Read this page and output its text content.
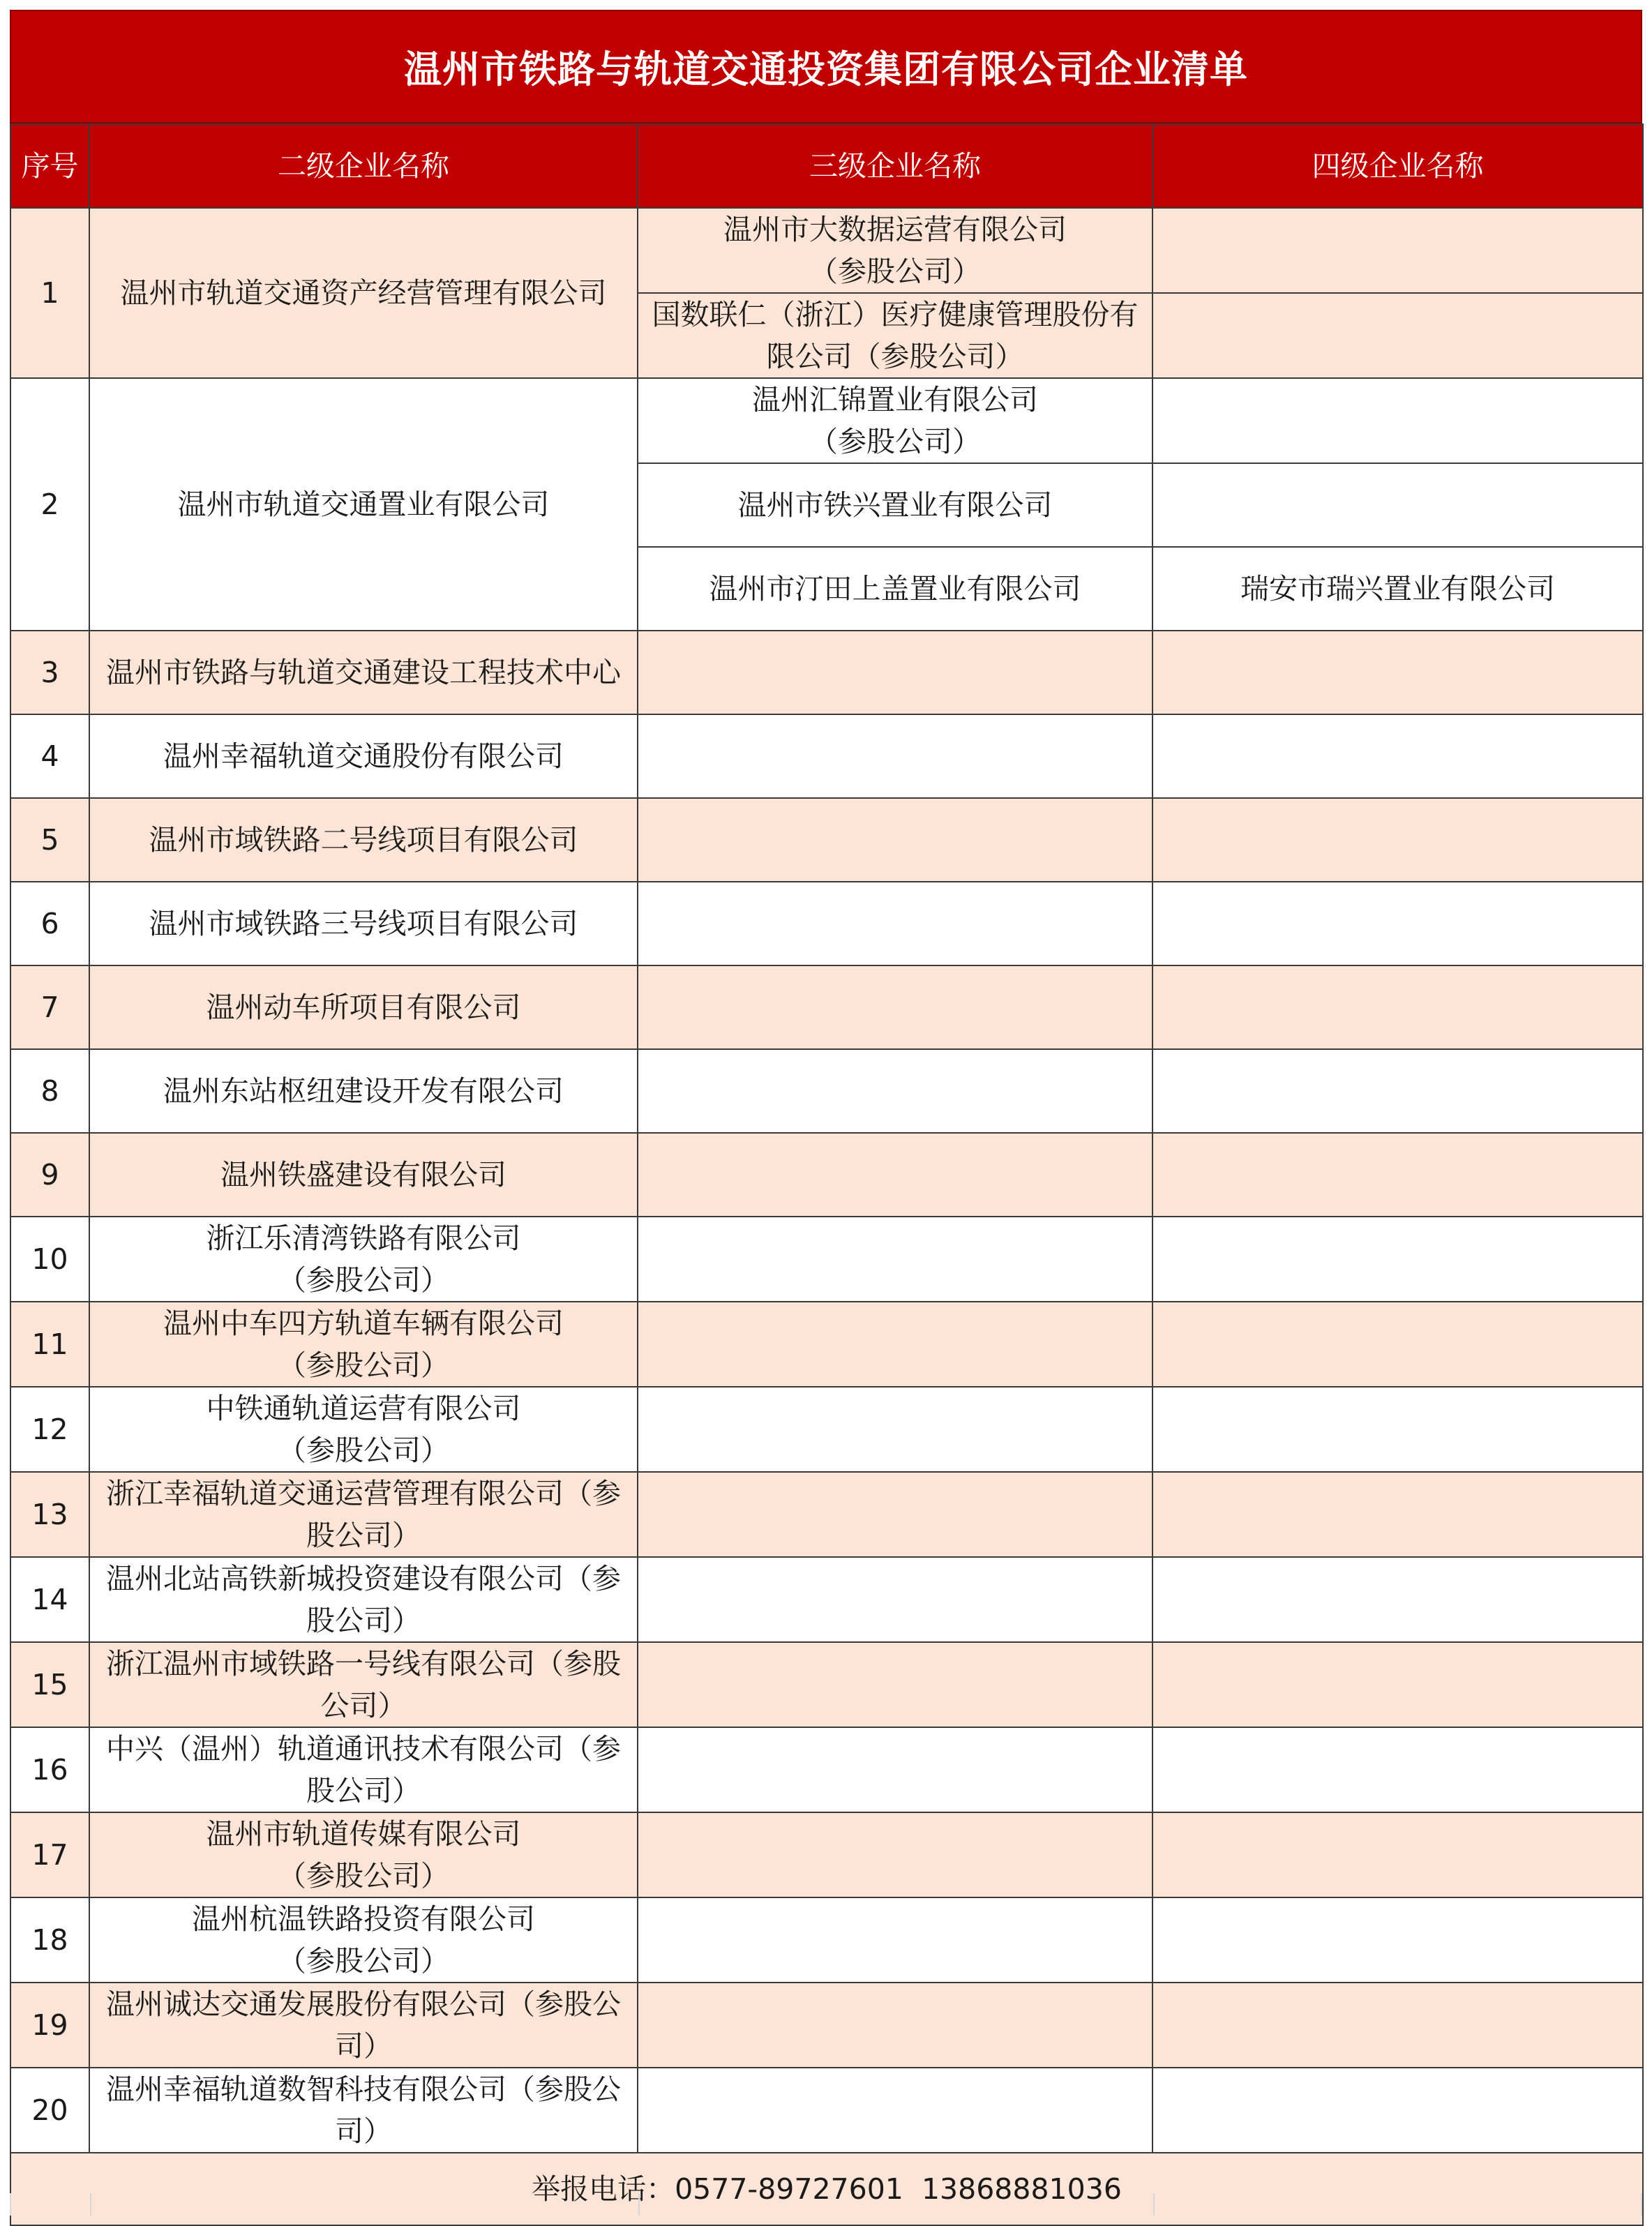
温州市铁路与轨道交通投资集团有限公司企业清单
序号	二级企业名称	三级企业名称	四级企业名称
1	温州市轨道交通资产经营管理有限公司	温州市大数据运营有限公司
（参股公司）	
		国数联仁（浙江）医疗健康管理股份有限公司（参股公司）	
2	温州市轨道交通置业有限公司	温州汇锦置业有限公司
（参股公司）	
		温州市铁兴置业有限公司	
		温州市汀田上盖置业有限公司	瑞安市瑞兴置业有限公司
3	温州市铁路与轨道交通建设工程技术中心		
4	温州幸福轨道交通股份有限公司		
5	温州市域铁路二号线项目有限公司		
6	温州市域铁路三号线项目有限公司		
7	温州动车所项目有限公司		
8	温州东站枢纽建设开发有限公司		
9	温州铁盛建设有限公司		
10	浙江乐清湾铁路有限公司
（参股公司）		
11	温州中车四方轨道车辆有限公司
（参股公司）		
12	中铁通轨道运营有限公司
（参股公司）		
13	浙江幸福轨道交通运营管理有限公司（参股公司）		
14	温州北站高铁新城投资建设有限公司（参股公司）		
15	浙江温州市域铁路一号线有限公司（参股公司）		
16	中兴（温州）轨道通讯技术有限公司（参股公司）		
17	温州市轨道传媒有限公司
（参股公司）		
18	温州杭温铁路投资有限公司
（参股公司）		
19	温州诚达交通发展股份有限公司（参股公司）		
20	温州幸福轨道数智科技有限公司（参股公司）		
举报电话：0577-89727601  13868881036			
